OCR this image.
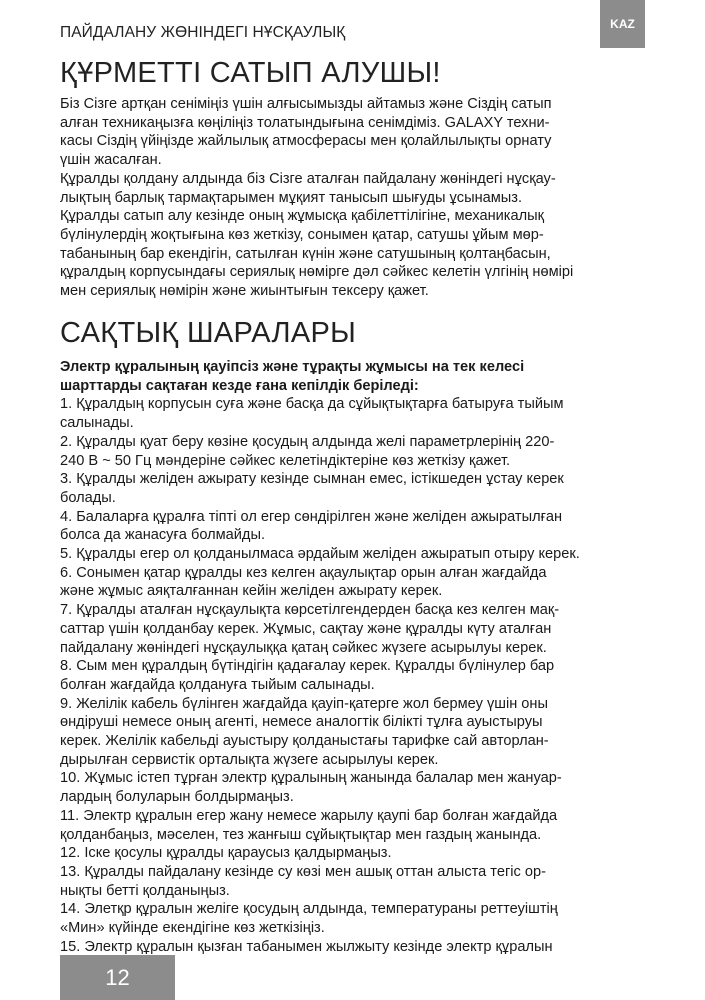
ПАЙДАЛАНУ ЖӨНІНДЕГІ НҰСҚАУЛЫҚ	KAZ
ҚҰРМЕТТІ САТЫП АЛУШЫ!
Біз Сізге артқан сеніміңіз үшін алғысымызды айтамыз және Сіздің сатып
алған техникаңызға көңіліңіз толатындығына сенімдіміз. GALAXY техни-
касы Сіздің үйіңізде жайлылық атмосферасы мен қолайлылықты орнату
үшін жасалған.
Құралды қолдану алдында біз Сізге аталған пайдалану жөніндегі нұсқау-
лықтың барлық тармақтарымен мұқият танысып шығуды ұсынамыз.
Құралды сатып алу кезінде оның жұмысқа қабілеттілігіне, механикалық
бүлінулердің жоқтығына көз жеткізу, сонымен қатар, сатушы ұйым мөр-
табанының бар екендігін, сатылған күнін және сатушының қолтаңбасын,
құралдың корпусындағы сериялық нөмірге дәл сәйкес келетін үлгінің нөмірі
мен сериялық нөмірін және жиынтығын тексеру қажет.
САҚТЫҚ ШАРАЛАРЫ
Электр құралының қауіпсіз және тұрақты жұмысы на тек келесі
шарттарды сақтаған кезде ғана кепілдік беріледі:
1. Құралдың корпусын суға және басқа да сұйықтықтарға батыруға тыйым
салынады.
2. Құралды қуат беру көзіне қосудың алдында желі параметрлерінің 220-
240 В ~ 50 Гц мәндеріне сәйкес келетіндіктеріне көз жеткізу қажет.
3. Құралды желіден ажырату кезінде сымнан емес, істікшеден ұстау керек
болады.
4. Балаларға құралға тіпті ол егер сөндірілген және желіден ажыратылған
болса да жанасуға болмайды.
5. Құралды егер ол қолданылмаса әрдайым желіден ажыратып отыру керек.
6. Сонымен қатар құралды кез келген ақаулықтар орын алған жағдайда
және жұмыс аяқталғаннан кейін желіден ажырату керек.
7. Құралды аталған нұсқаулықта көрсетілгендерден басқа кез келген мақ-
саттар үшін қолданбау керек. Жұмыс, сақтау және құралды күту аталған
пайдалану жөніндегі нұсқаулыққа қатаң сәйкес жүзеге асырылуы керек.
8. Сым мен құралдың бүтіндігін қадағалау керек. Құралды бүлінулер бар
болған жағдайда қолдануға тыйым салынады.
9. Желілік кабель бүлінген жағдайда қауіп-қатерге жол бермеу үшін оны
өндіруші немесе оның агенті, немесе аналогтік білікті тұлға ауыстыруы
керек. Желілік кабельді ауыстыру қолданыстағы тарифке сай авторлан-
дырылған сервистік орталықта жүзеге асырылуы керек.
10. Жұмыс істеп тұрған электр құралының жанында балалар мен жануар-
лардың болуларын болдырмаңыз.
11. Электр құралын егер жану немесе жарылу қаупі бар болған жағдайда
қолданбаңыз, мәселен, тез жанғыш сұйықтықтар мен газдың жанында.
12. Іске қосулы құралды қараусыз қалдырмаңыз.
13. Құралды пайдалану кезінде су көзі мен ашық оттан алыста тегіс ор-
нықты бетті қолданыңыз.
14. Элетқр құралын желіге қосудың алдында, температураны реттеуіштің
«Мин» күйінде екендігіне көз жеткізіңіз.
15. Электр құралын қызған табанымен жылжыту кезінде электр құралын
12
